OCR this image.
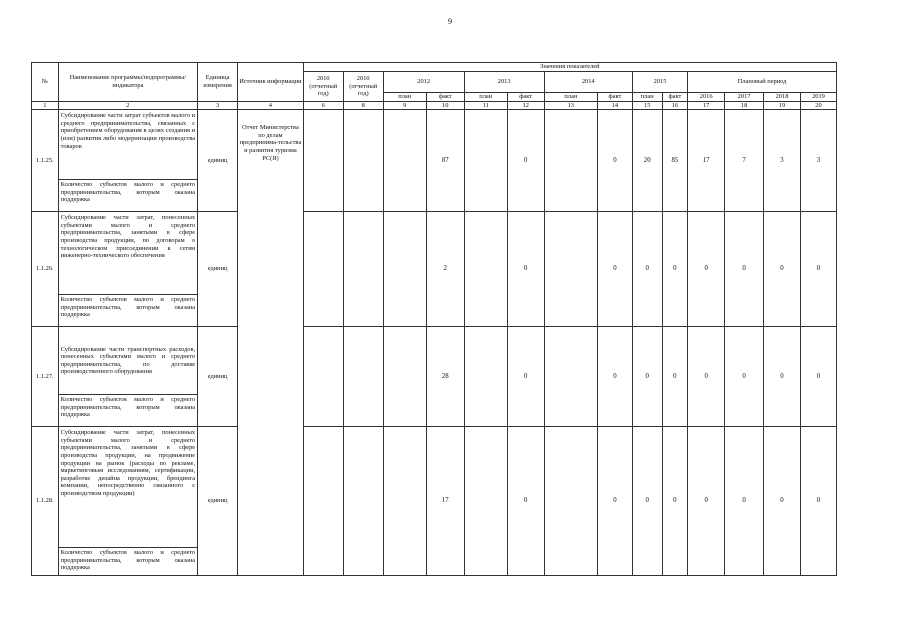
9
№	Наименование программы/подпрограммы/индикатора	Единица измерения	Источник информации	Значения показателей													
				2010 (отчетный год)	2010 (отчетный год)	2012		2013		2014		2015		Плановый период			
						план	факт	план	факт	план	факт	план	факт	2016	2017	2018	2019
1	2	3	4	6	8	9	10	11	12	13	14	15	16	17	18	19	20
1.1.25.	Субсидирование части затрат субъектов малого и среднего предпринимательства, связанных с приобретением оборудования в целях создания и (или) развития либо модернизации производства товаров	единиц	Отчет Министерства по делам предпринима-тельства и развития туризма РС(Я)				87		0		0	20	85	17	7	3	3
	Количество субъектов малого и среднего предпринимательства, которым оказана поддержка																
1.1.26.	Субсидирование части затрат, понесенных субъектами малого и среднего предпринимательства, занятыми в сфере производства продукции, по договорам о технологическом присоединении к сетям инженерно-технического обеспечения	единиц					2		0		0	0	0	0	0	0	0
	Количество субъектов малого и среднего предпринимательства, которым оказана поддержка																
1.1.27.	Субсидирование части транспортных расходов, понесенных субъектами малого и среднего предпринимательства, по доставке производственного оборудования	единиц					28		0		0	0	0	0	0	0	0
	Количество субъектов малого и среднего предпринимательства, которым оказана поддержка																
1.1.28.	Субсидирование части затрат, понесенных субъектами малого и среднего предпринимательства, занятыми в сфере производства продукции, на продвижение продукции на рынок (расходы по рекламе, маркетинговым исследованиям, сертификации, разработке дизайна продукции, брендинга компании, непосредственно связанного с производством продукции)	единиц					17		0		0	0	0	0	0	0	0
	Количество субъектов малого и среднего предпринимательства, которым оказана поддержка																
